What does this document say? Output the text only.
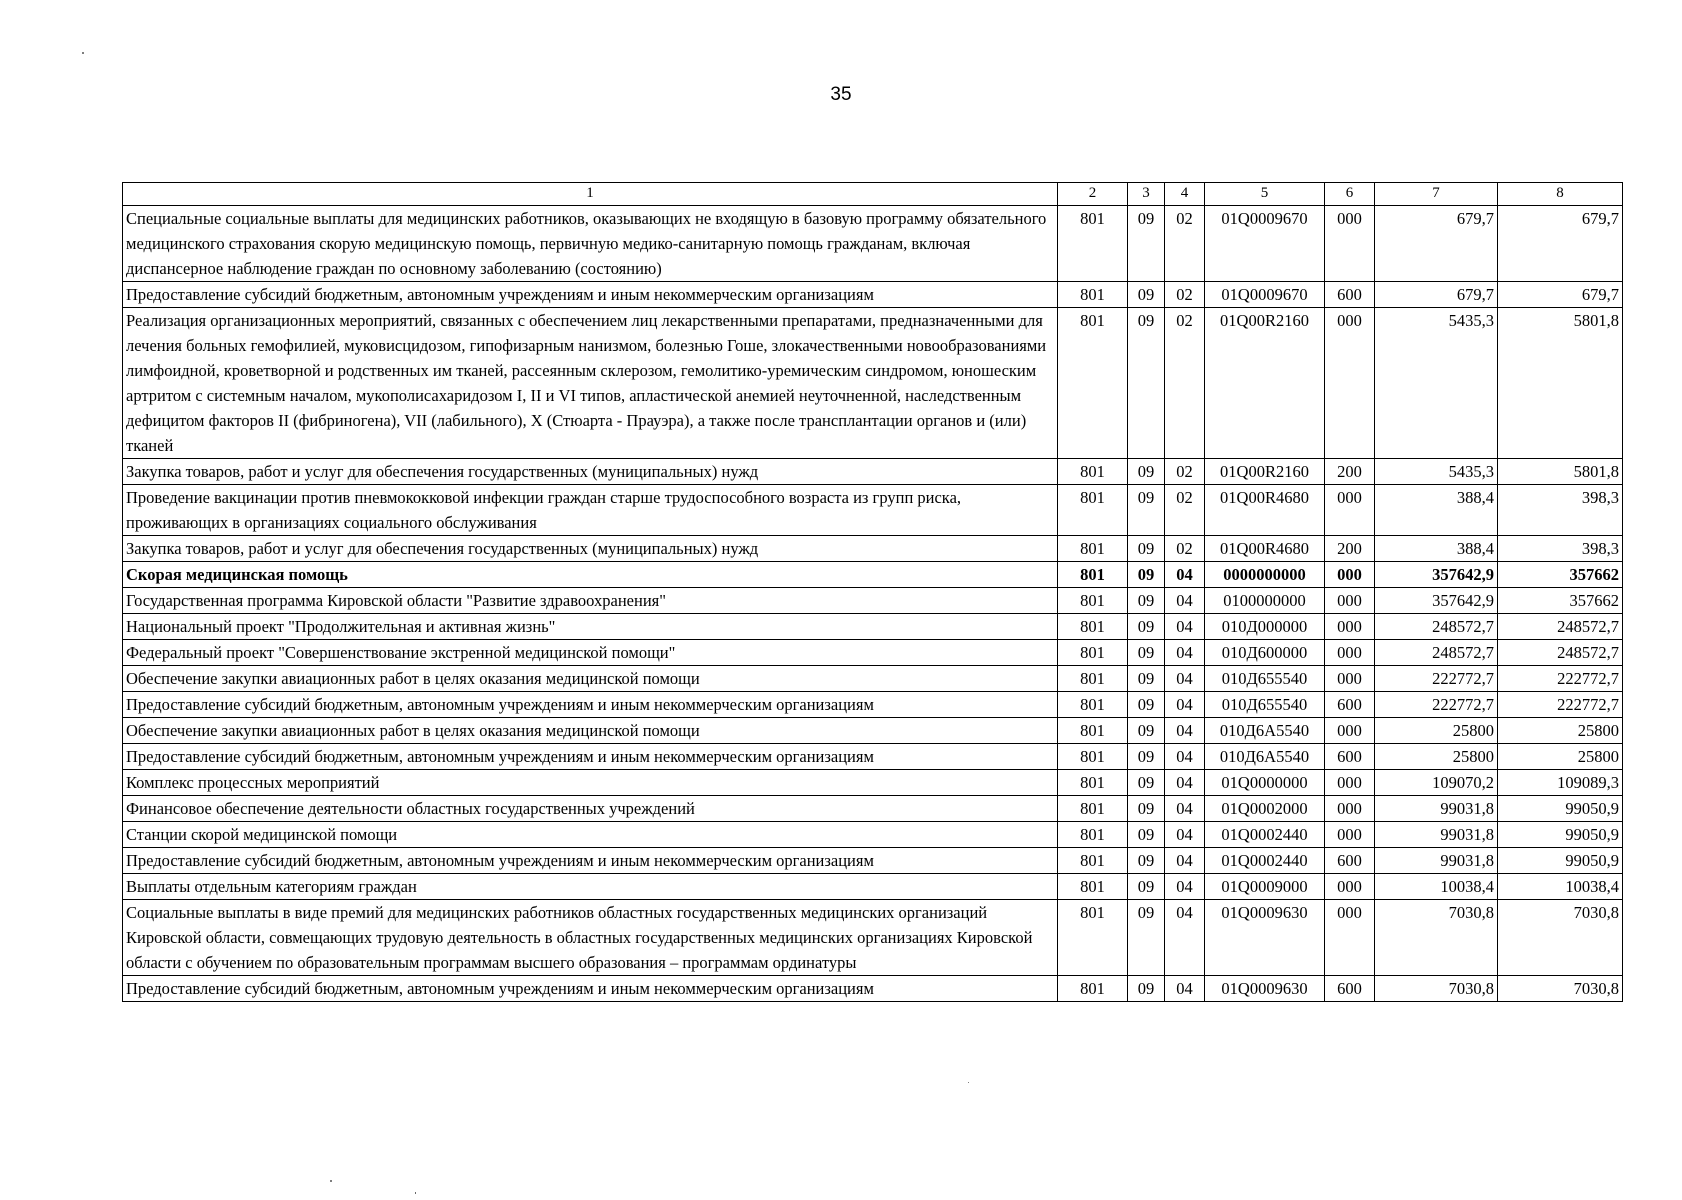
35
1	2	3	4	5	6	7	8
Специальные социальные выплаты для медицинских работников, оказывающих не входящую в базовую программу обязательного медицинского страхования скорую медицинскую помощь, первичную медико-санитарную помощь гражданам, включая диспансерное наблюдение граждан по основному заболеванию (состоянию)	801	09	02	01Q0009670	000	679,7	679,7
Предоставление субсидий бюджетным, автономным учреждениям и иным некоммерческим организациям	801	09	02	01Q0009670	600	679,7	679,7
Реализация организационных мероприятий, связанных с обеспечением лиц лекарственными препаратами, предназначенными для лечения больных гемофилией, муковисцидозом, гипофизарным нанизмом, болезнью Гоше, злокачественными новообразованиями лимфоидной, кроветворной и родственных им тканей, рассеянным склерозом, гемолитико-уремическим синдромом, юношеским артритом с системным началом, мукополисахаридозом I, II и VI типов, апластической анемией неуточненной, наследственным дефицитом факторов II (фибриногена), VII (лабильного), X (Стюарта - Прауэра), а также после трансплантации органов и (или) тканей	801	09	02	01Q00R2160	000	5435,3	5801,8
Закупка товаров, работ и услуг для обеспечения государственных (муниципальных) нужд	801	09	02	01Q00R2160	200	5435,3	5801,8
Проведение вакцинации против пневмококковой инфекции граждан старше трудоспособного возраста из групп риска, проживающих в организациях социального обслуживания	801	09	02	01Q00R4680	000	388,4	398,3
Закупка товаров, работ и услуг для обеспечения государственных (муниципальных) нужд	801	09	02	01Q00R4680	200	388,4	398,3
Скорая медицинская помощь	801	09	04	0000000000	000	357642,9	357662
Государственная программа Кировской области "Развитие здравоохранения"	801	09	04	0100000000	000	357642,9	357662
Национальный проект "Продолжительная и активная жизнь"	801	09	04	010Д000000	000	248572,7	248572,7
Федеральный проект "Совершенствование экстренной медицинской помощи"	801	09	04	010Д600000	000	248572,7	248572,7
Обеспечение закупки авиационных работ в целях оказания медицинской помощи	801	09	04	010Д655540	000	222772,7	222772,7
Предоставление субсидий бюджетным, автономным учреждениям и иным некоммерческим организациям	801	09	04	010Д655540	600	222772,7	222772,7
Обеспечение закупки авиационных работ в целях оказания медицинской помощи	801	09	04	010Д6А5540	000	25800	25800
Предоставление субсидий бюджетным, автономным учреждениям и иным некоммерческим организациям	801	09	04	010Д6А5540	600	25800	25800
Комплекс процессных мероприятий	801	09	04	01Q0000000	000	109070,2	109089,3
Финансовое обеспечение деятельности областных государственных учреждений	801	09	04	01Q0002000	000	99031,8	99050,9
Станции скорой медицинской помощи	801	09	04	01Q0002440	000	99031,8	99050,9
Предоставление субсидий бюджетным, автономным учреждениям и иным некоммерческим организациям	801	09	04	01Q0002440	600	99031,8	99050,9
Выплаты отдельным категориям граждан	801	09	04	01Q0009000	000	10038,4	10038,4
Социальные выплаты в виде премий для медицинских работников областных государственных медицинских организаций Кировской области, совмещающих трудовую деятельность в областных государственных медицинских организациях Кировской области с обучением по образовательным программам высшего образования – программам ординатуры	801	09	04	01Q0009630	000	7030,8	7030,8
Предоставление субсидий бюджетным, автономным учреждениям и иным некоммерческим организациям	801	09	04	01Q0009630	600	7030,8	7030,8
